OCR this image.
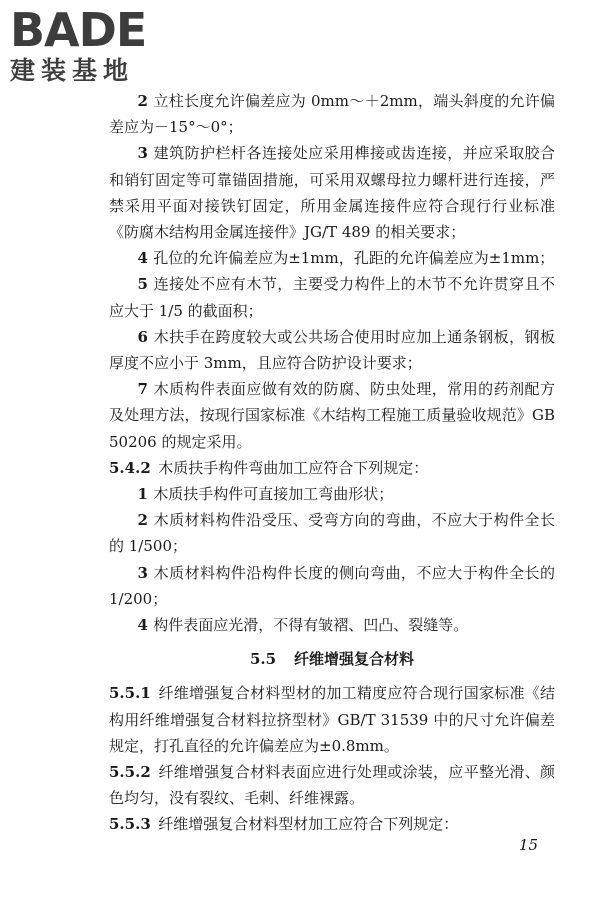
BADE
建装基地

2 立柱长度允许偏差应为 0mm～＋2mm，端头斜度的允许偏差应为－15°～0°；

3 建筑防护栏杆各连接处应采用榫接或齿连接，并应采取胶合和销钉固定等可靠锚固措施，可采用双螺母拉力螺杆进行连接，严禁采用平面对接铁钉固定，所用金属连接件应符合现行行业标准《防腐木结构用金属连接件》JG/T 489 的相关要求；

4 孔位的允许偏差应为±1mm，孔距的允许偏差应为±1mm；

5 连接处不应有木节，主要受力构件上的木节不允许贯穿且不应大于 1/5 的截面积；

6 木扶手在跨度较大或公共场合使用时应加上通条钢板，钢板厚度不应小于 3mm，且应符合防护设计要求；

7 木质构件表面应做有效的防腐、防虫处理，常用的药剂配方及处理方法，按现行国家标准《木结构工程施工质量验收规范》GB 50206 的规定采用。

5.4.2 木质扶手构件弯曲加工应符合下列规定：

1 木质扶手构件可直接加工弯曲形状；

2 木质材料构件沿受压、受弯方向的弯曲，不应大于构件全长的 1/500；

3 木质材料构件沿构件长度的侧向弯曲，不应大于构件全长的 1/200；

4 构件表面应光滑，不得有皱褶、凹凸、裂缝等。

5.5 纤维增强复合材料

5.5.1 纤维增强复合材料型材的加工精度应符合现行国家标准《结构用纤维增强复合材料拉挤型材》GB/T 31539 中的尺寸允许偏差规定，打孔直径的允许偏差应为±0.8mm。

5.5.2 纤维增强复合材料表面应进行处理或涂装，应平整光滑、颜色均匀，没有裂纹、毛刺、纤维裸露。

5.5.3 纤维增强复合材料型材加工应符合下列规定：

15
